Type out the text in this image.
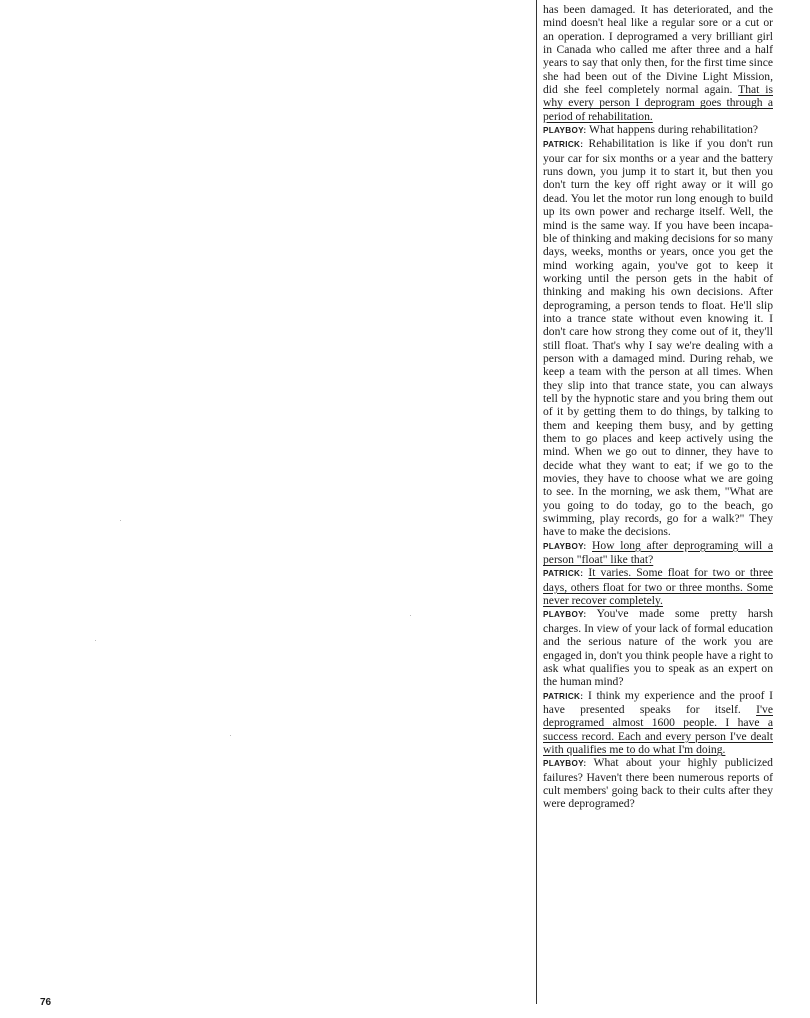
has been damaged. It has deteriorated, and the mind doesn't heal like a regular sore or a cut or an operation. I deprogramed a very brilliant girl in Canada who called me after three and a half years to say that only then, for the first time since she had been out of the Divine Light Mission, did she feel completely normal again. That is why every person I deprogram goes through a period of rehabilitation.

PLAYBOY: What happens during rehabilitation?

PATRICK: Rehabilitation is like if you don't run your car for six months or a year and the battery runs down, you jump it to start it, but then you don't turn the key off right away or it will go dead. You let the motor run long enough to build up its own power and recharge itself. Well, the mind is the same way. If you have been incapable of thinking and making decisions for so many days, weeks, months or years, once you get the mind working again, you've got to keep it working until the person gets in the habit of thinking and making his own decisions. After deprograming, a person tends to float. He'll slip into a trance state without even knowing it. I don't care how strong they come out of it, they'll still float. That's why I say we're dealing with a person with a damaged mind. During rehab, we keep a team with the person at all times. When they slip into that trance state, you can always tell by the hypnotic stare and you bring them out of it by getting them to do things, by talking to them and keeping them busy, and by getting them to go places and keep actively using the mind. When we go out to dinner, they have to decide what they want to eat; if we go to the movies, they have to choose what we are going to see. In the morning, we ask them, "What are you going to do today, go to the beach, go swimming, play records, go for a walk?" They have to make the decisions.

PLAYBOY: How long after deprograming will a person "float" like that?

PATRICK: It varies. Some float for two or three days, others float for two or three months. Some never recover completely.

PLAYBOY: You've made some pretty harsh charges. In view of your lack of formal education and the serious nature of the work you are engaged in, don't you think people have a right to ask what qualifies you to speak as an expert on the human mind?

PATRICK: I think my experience and the proof I have presented speaks for itself. I've deprogramed almost 1600 people. I have a success record. Each and every person I've dealt with qualifies me to do what I'm doing.

PLAYBOY: What about your highly publicized failures? Haven't there been numerous reports of cult members' going back to their cults after they were deprogramed?

76
